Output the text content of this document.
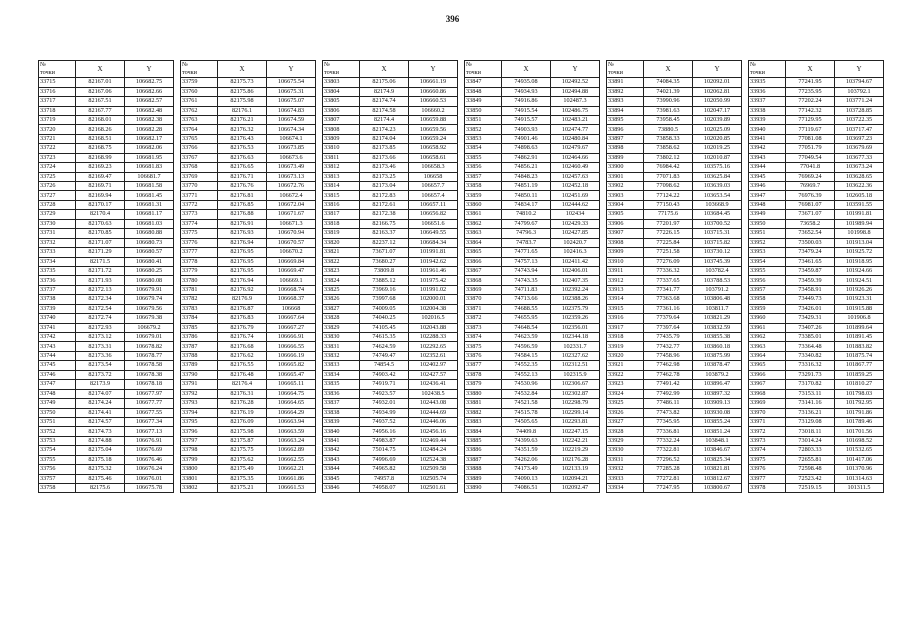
396
№	X	Y
точки		
33715	82167.01	106682.75
33716	82167.06	106682.66
33717	82167.51	106682.57
33718	82167.77	106682.48
33719	82168.01	106682.38
33720	82168.26	106682.28
33721	82168.51	106682.17
33722	82168.75	106682.06
33723	82168.99	106681.95
33724	82169.23	106681.83
33725	82169.47	106681.7
33726	82169.71	106681.58
33727	82169.94	106681.45
33728	82170.17	106681.31
33729	82170.4	106681.17
33730	82170.63	106681.03
33731	82170.85	106680.88
33732	82171.07	106680.73
33733	82171.29	106680.57
33734	82171.5	106680.41
33735	82171.72	106680.25
33736	82171.93	106680.08
33737	82172.13	106679.91
33738	82172.34	106679.74
33739	82172.54	106679.56
33740	82172.74	106679.38
33741	82172.93	106679.2
33742	82173.12	106679.01
33743	82173.31	106678.82
33744	82173.36	106678.77
33745	82173.54	106678.58
33746	82173.72	106678.38
33747	82173.9	106678.18
33748	82174.07	106677.97
33749	82174.24	106677.77
33750	82174.41	106677.55
33751	82174.57	106677.34
33752	82174.73	106677.13
33753	82174.88	106676.91
33754	82175.04	106676.69
33755	82175.18	106676.46
33756	82175.32	106676.24
33757	82175.46	106676.01
33758	82175.6	106675.78
№	X	Y
точки		
33759	82175.73	106675.54
33760	82175.86	106675.31
33761	82175.98	106675.07
33762	82176.1	106674.83
33763	82176.21	106674.59
33764	82176.32	106674.34
33765	82176.43	106674.1
33766	82176.53	106673.85
33767	82176.63	106673.6
33768	82176.65	106673.49
33769	82176.71	106673.13
33770	82176.76	106672.76
33771	82176.81	106672.4
33772	82176.85	106672.04
33773	82176.88	106671.67
33774	82176.91	106671.3
33775	82176.93	106670.94
33776	82176.94	106670.57
33777	82176.95	106670.2
33778	82176.95	106669.84
33779	82176.95	106669.47
33780	82176.94	106669.1
33781	82176.92	106668.74
33782	82176.9	106668.37
33783	82176.87	106668
33784	82176.83	106667.64
33785	82176.79	106667.27
33786	82176.74	106666.91
33787	82176.68	106666.55
33788	82176.62	106666.19
33789	82176.55	106665.82
33790	82176.48	106665.47
33791	82176.4	106665.11
33792	82176.31	106664.75
33793	82176.28	106664.65
33794	82176.19	106664.29
33795	82176.09	106663.94
33796	82175.98	106663.59
33797	82175.87	106663.24
33798	82175.75	106662.89
33799	82175.62	106662.55
33800	82175.49	106662.21
33801	82175.35	106661.86
33802	82175.21	106661.53
№	X	Y
точки		
33803	82175.06	106661.19
33804	82174.9	106660.86
33805	82174.74	106660.53
33806	82174.58	106660.2
33807	82174.4	106659.88
33808	82174.23	106659.56
33809	82174.04	106659.24
33810	82173.85	106658.92
33811	82173.66	106658.61
33812	82173.46	106658.3
33813	82173.25	106658
33814	82173.04	106657.7
33815	82172.83	106657.4
33816	82172.61	106657.11
33817	82172.38	106656.82
33818	82166.75	106651.6
33819	82163.37	106649.55
33820	82237.12	106684.34
33821	73671.07	101991.81
33822	73680.27	101942.62
33823	73809.8	101961.46
33824	73885.12	101975.42
33825	73969.16	101991.02
33826	73997.68	102000.01
33827	74009.05	102004.38
33828	74040.25	102016.5
33829	74105.45	102043.88
33830	74615.35	102288.33
33831	74624.59	102292.65
33832	74749.47	102352.61
33833	74854.5	102402.97
33834	74903.42	102427.57
33835	74919.71	102436.41
33836	74923.57	102438.5
33837	74932.01	102443.08
33838	74934.99	102444.69
33839	74937.52	102446.06
33840	74956.16	102456.16
33841	74983.87	102469.44
33842	75014.75	102484.24
33843	74996.69	102524.38
33844	74965.82	102509.58
33845	74957.8	102505.74
33846	74958.07	102501.61
№	X	Y
точки		
33847	74935.08	102492.52
33848	74934.93	102494.88
33849	74916.86	102487.3
33850	74915.54	102486.75
33851	74915.57	102483.21
33852	74903.93	102474.77
33853	74901.46	102480.84
33854	74898.63	102479.67
33855	74862.91	102464.66
33856	74856.21	102460.49
33857	74848.23	102457.63
33858	74851.19	102452.18
33859	74850.11	102451.69
33860	74834.17	102444.62
33861	74810.2	102434
33862	74799.67	102429.33
33863	74796.3	102427.85
33864	74783.7	102420.7
33865	74771.65	102416.3
33866	74757.13	102411.42
33867	74743.94	102406.01
33868	74743.35	102407.35
33869	74711.83	102392.24
33870	74713.66	102388.26
33871	74688.55	102375.79
33872	74655.95	102359.26
33873	74648.54	102356.01
33874	74623.59	102344.18
33875	74596.59	102331.7
33876	74584.15	102327.62
33877	74552.35	102312.51
33878	74552.13	102315.9
33879	74530.96	102306.67
33880	74532.84	102302.87
33881	74521.58	102298.79
33882	74515.78	102299.14
33883	74505.65	102293.81
33884	74409.8	102247.15
33885	74399.63	102242.21
33886	74351.59	102219.29
33887	74262.06	102176.28
33888	74173.49	102133.19
33889	74090.13	102094.21
33890	74086.51	102092.47
№	X	Y
точки		
33891	74084.35	102092.01
33892	74021.39	102062.81
33893	73990.96	102050.99
33894	73981.63	102047.17
33895	73958.45	102039.89
33896	73880.5	102025.09
33897	73858.33	102020.85
33898	73858.62	102019.25
33899	73802.12	102010.87
33900	76984.42	103575.16
33901	77071.83	103625.84
33902	77098.62	103639.03
33903	77124.22	103653.54
33904	77150.43	103668.9
33905	77175.6	103684.45
33906	77201.97	103700.52
33907	77226.15	103715.31
33908	77225.84	103715.82
33909	77251.58	103730.12
33910	77276.09	103745.39
33911	77336.32	103782.4
33912	77337.65	103788.53
33913	77341.77	103791.2
33914	77363.68	103806.48
33915	77361.16	103811.7
33916	77379.64	103821.29
33917	77397.64	103832.59
33918	77435.79	103855.38
33919	77432.77	103860.18
33920	77458.96	103875.99
33921	77462.98	103878.47
33922	77462.78	103879.2
33923	77491.42	103896.47
33924	77492.99	103897.32
33925	77486.11	103909.13
33926	77473.82	103930.08
33927	77345.95	103855.24
33928	77336.81	103851.24
33929	77332.24	103848.1
33930	77322.81	103846.67
33931	77296.52	103825.34
33932	77285.28	103821.81
33933	77272.81	103812.67
33934	77247.95	103800.67
№	X	Y
точки		
33935	77241.95	103794.67
33936	77235.95	103792.1
33937	77202.24	103771.24
33938	77142.32	103728.85
33939	77129.95	103722.35
33940	77119.67	103717.47
33941	77081.08	103697.23
33942	77051.79	103679.69
33943	77049.54	103677.33
33944	77041.8	103673.24
33945	76969.24	103628.65
33946	76969.7	103622.36
33947	76976.39	102605.18
33948	76981.07	103591.55
33949	73671.07	101991.81
33950	73658.2	101989.94
33951	73652.54	101998.8
33952	73500.03	101913.04
33953	73479.24	101925.72
33954	73461.65	101918.95
33955	73459.87	101924.66
33956	73459.39	101924.51
33957	73458.91	101926.26
33958	73449.73	101923.31
33959	73426.01	101915.88
33960	73429.31	101906.8
33961	73407.26	101899.64
33962	73385.01	101891.45
33963	73364.48	101883.82
33964	73340.82	101875.74
33965	73316.32	101867.77
33966	73291.73	101859.25
33967	73170.82	101810.27
33968	73153.11	101798.03
33969	73141.16	101792.95
33970	73136.21	101791.86
33971	73129.08	101789.46
33972	73018.11	101701.56
33973	73014.24	101698.52
33974	72803.33	101532.65
33975	72655.81	101417.06
33976	72598.48	101370.96
33977	72523.42	101314.63
33978	72519.15	101311.5
